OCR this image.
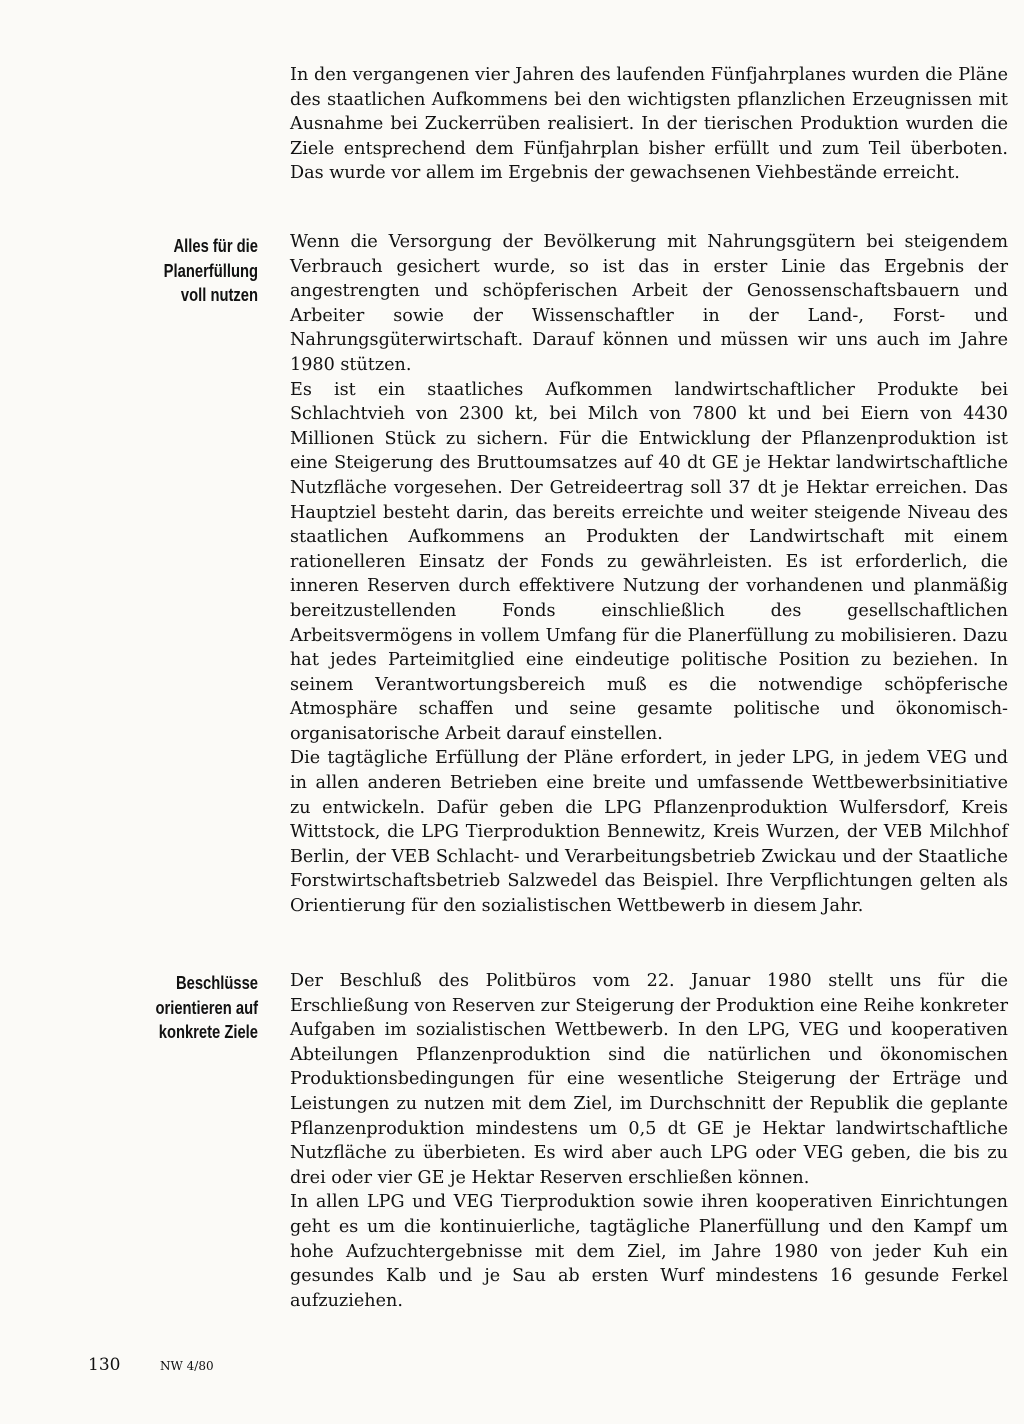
In den vergangenen vier Jahren des laufenden Fünfjahrplanes wurden die Pläne des staatlichen Aufkommens bei den wichtigsten pflanzlichen Erzeugnissen mit Ausnahme bei Zuckerrüben realisiert. In der tierischen Produktion wurden die Ziele entsprechend dem Fünfjahrplan bisher erfüllt und zum Teil überboten. Das wurde vor allem im Ergebnis der gewachsenen Viehbestände erreicht.

Alles für die
Planerfüllung
voll nutzen

Wenn die Versorgung der Bevölkerung mit Nahrungsgütern bei steigendem Verbrauch gesichert wurde, so ist das in erster Linie das Ergebnis der angestrengten und schöpferischen Arbeit der Genossenschaftsbauern und Arbeiter sowie der Wissenschaftler in der Land-, Forst- und Nahrungsgüterwirtschaft. Darauf können und müssen wir uns auch im Jahre 1980 stützen.

Es ist ein staatliches Aufkommen landwirtschaftlicher Produkte bei Schlachtvieh von 2300 kt, bei Milch von 7800 kt und bei Eiern von 4430 Millionen Stück zu sichern. Für die Entwicklung der Pflanzenproduktion ist eine Steigerung des Bruttoumsatzes auf 40 dt GE je Hektar landwirtschaftliche Nutzfläche vorgesehen. Der Getreideertrag soll 37 dt je Hektar erreichen. Das Hauptziel besteht darin, das bereits erreichte und weiter steigende Niveau des staatlichen Aufkommens an Produkten der Landwirtschaft mit einem rationelleren Einsatz der Fonds zu gewährleisten. Es ist erforderlich, die inneren Reserven durch effektivere Nutzung der vorhandenen und planmäßig bereitzustellenden Fonds einschließlich des gesellschaftlichen Arbeitsvermögens in vollem Umfang für die Planerfüllung zu mobilisieren. Dazu hat jedes Parteimitglied eine eindeutige politische Position zu beziehen. In seinem Verantwortungsbereich muß es die notwendige schöpferische Atmosphäre schaffen und seine gesamte politische und ökonomisch-organisatorische Arbeit darauf einstellen.

Die tagtägliche Erfüllung der Pläne erfordert, in jeder LPG, in jedem VEG und in allen anderen Betrieben eine breite und umfassende Wettbewerbsinitiative zu entwickeln. Dafür geben die LPG Pflanzenproduktion Wulfersdorf, Kreis Wittstock, die LPG Tierproduktion Bennewitz, Kreis Wurzen, der VEB Milchhof Berlin, der VEB Schlacht- und Verarbeitungsbetrieb Zwickau und der Staatliche Forstwirtschaftsbetrieb Salzwedel das Beispiel. Ihre Verpflichtungen gelten als Orientierung für den sozialistischen Wettbewerb in diesem Jahr.

Beschlüsse
orientieren auf
konkrete Ziele

Der Beschluß des Politbüros vom 22. Januar 1980 stellt uns für die Erschließung von Reserven zur Steigerung der Produktion eine Reihe konkreter Aufgaben im sozialistischen Wettbewerb. In den LPG, VEG und kooperativen Abteilungen Pflanzenproduktion sind die natürlichen und ökonomischen Produktionsbedingungen für eine wesentliche Steigerung der Erträge und Leistungen zu nutzen mit dem Ziel, im Durchschnitt der Republik die geplante Pflanzenproduktion mindestens um 0,5 dt GE je Hektar landwirtschaftliche Nutzfläche zu überbieten. Es wird aber auch LPG oder VEG geben, die bis zu drei oder vier GE je Hektar Reserven erschließen können.

In allen LPG und VEG Tierproduktion sowie ihren kooperativen Einrichtungen geht es um die kontinuierliche, tagtägliche Planerfüllung und den Kampf um hohe Aufzuchtergebnisse mit dem Ziel, im Jahre 1980 von jeder Kuh ein gesundes Kalb und je Sau ab ersten Wurf mindestens 16 gesunde Ferkel aufzuziehen.

130	NW 4/80
